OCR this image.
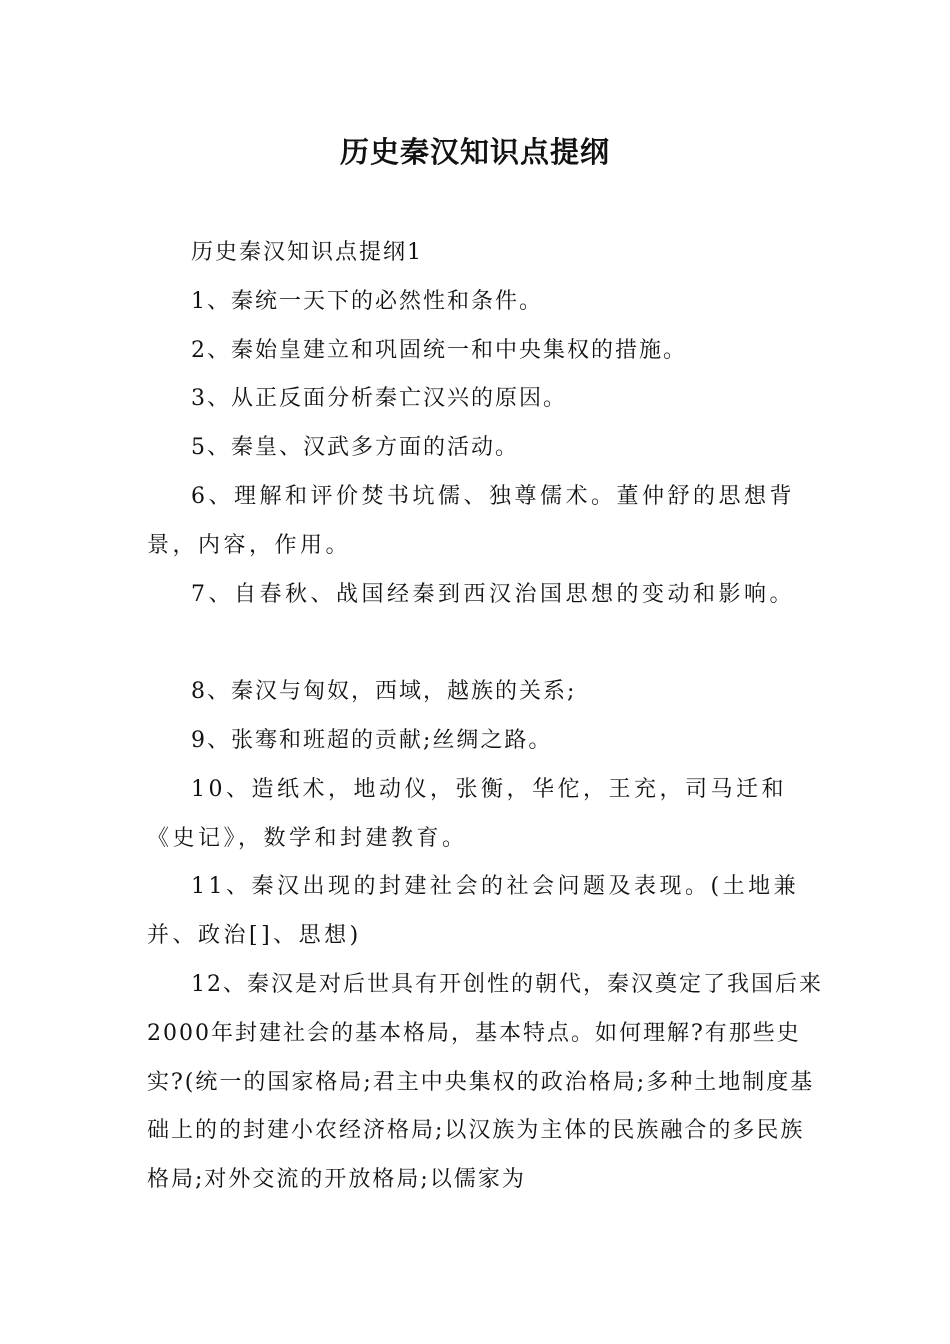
历史秦汉知识点提纲

历史秦汉知识点提纲1

1、秦统一天下的必然性和条件。

2、秦始皇建立和巩固统一和中央集权的措施。

3、从正反面分析秦亡汉兴的原因。

5、秦皇、汉武多方面的活动。

6、理解和评价焚书坑儒、独尊儒术。董仲舒的思想背景，内容，作用。

7、自春秋、战国经秦到西汉治国思想的变动和影响。

8、秦汉与匈奴，西域，越族的关系;

9、张骞和班超的贡献;丝绸之路。

10、造纸术，地动仪，张衡，华佗，王充，司马迁和《史记》，数学和封建教育。

11、秦汉出现的封建社会的社会问题及表现。(土地兼并、政治[]、思想)

12、秦汉是对后世具有开创性的朝代，秦汉奠定了我国后来2000年封建社会的基本格局，基本特点。如何理解?有那些史实?(统一的国家格局;君主中央集权的政治格局;多种土地制度基础上的的封建小农经济格局;以汉族为主体的民族融合的多民族格局;对外交流的开放格局;以儒家为
